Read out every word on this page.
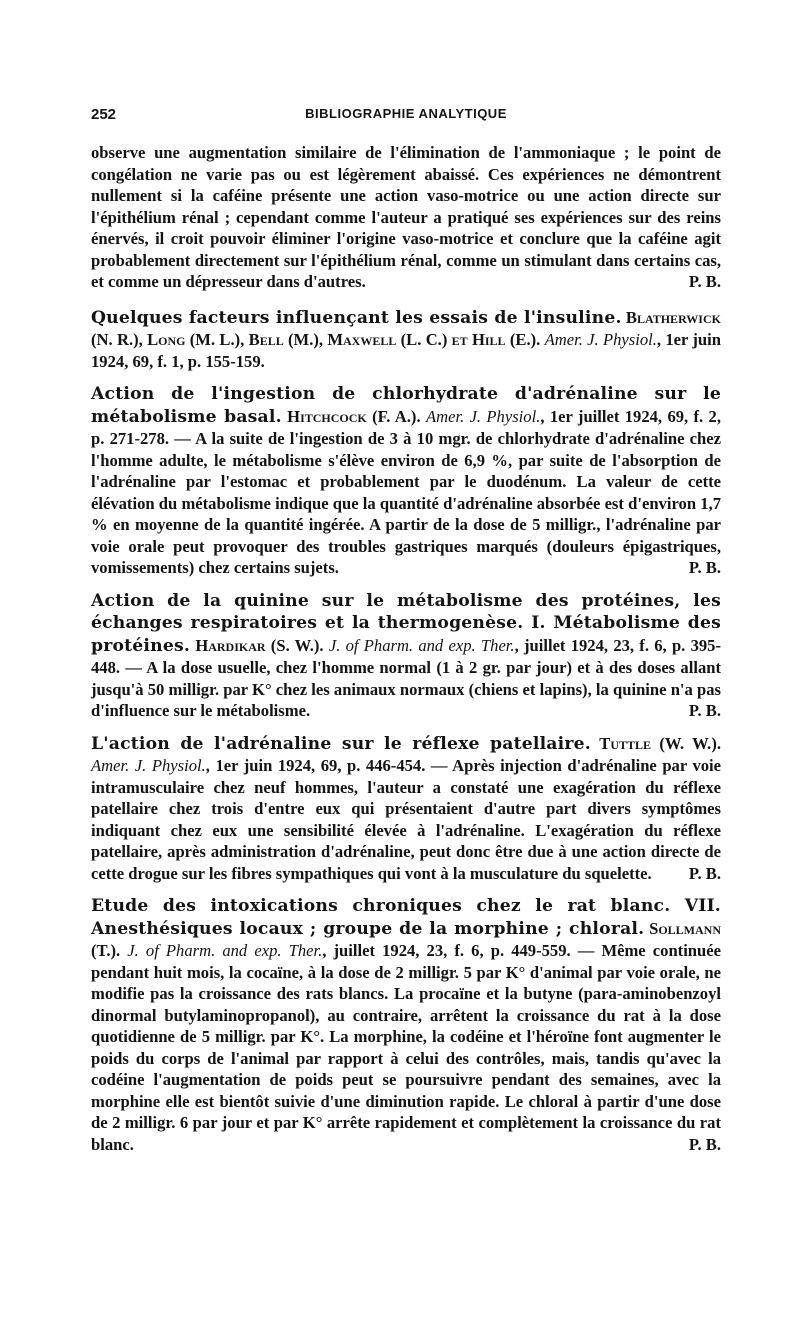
252	BIBLIOGRAPHIE ANALYTIQUE

observe une augmentation similaire de l'élimination de l'ammoniaque ; le point de congélation ne varie pas ou est légèrement abaissé. Ces expériences ne démontrent nullement si la caféine présente une action vaso-motrice ou une action directe sur l'épithélium rénal ; cependant comme l'auteur a pratiqué ses expériences sur des reins énervés, il croit pouvoir éliminer l'origine vaso-motrice et conclure que la caféine agit probablement directement sur l'épithélium rénal, comme un stimulant dans certains cas, et comme un dépresseur dans d'autres.	P. B.

Quelques facteurs influençant les essais de l'insuline. Blatherwick (N. R.), Long (M. L.), Bell (M.), Maxwell (L. C.) et Hill (E.). Amer. J. Physiol., 1er juin 1924, 69, f. 1, p. 155-159.

Action de l'ingestion de chlorhydrate d'adrénaline sur le métabolisme basal. Hitchcock (F. A.). Amer. J. Physiol., 1er juillet 1924, 69, f. 2, p. 271-278. — A la suite de l'ingestion de 3 à 10 mgr. de chlorhydrate d'adrénaline chez l'homme adulte, le métabolisme s'élève environ de 6,9 %, par suite de l'absorption de l'adrénaline par l'estomac et probablement par le duodénum. La valeur de cette élévation du métabolisme indique que la quantité d'adrénaline absorbée est d'environ 1,7 % en moyenne de la quantité ingérée. A partir de la dose de 5 milligr., l'adrénaline par voie orale peut provoquer des troubles gastriques marqués (douleurs épigastriques, vomissements) chez certains sujets.	P. B.

Action de la quinine sur le métabolisme des protéines, les échanges respiratoires et la thermogenèse. I. Métabolisme des protéines. Hardikar (S. W.). J. of Pharm. and exp. Ther., juillet 1924, 23, f. 6, p. 395-448. — A la dose usuelle, chez l'homme normal (1 à 2 gr. par jour) et à des doses allant jusqu'à 50 milligr. par K° chez les animaux normaux (chiens et lapins), la quinine n'a pas d'influence sur le métabolisme.	P. B.

L'action de l'adrénaline sur le réflexe patellaire. Tuttle (W. W.). Amer. J. Physiol., 1er juin 1924, 69, p. 446-454. — Après injection d'adrénaline par voie intramusculaire chez neuf hommes, l'auteur a constaté une exagération du réflexe patellaire chez trois d'entre eux qui présentaient d'autre part divers symptômes indiquant chez eux une sensibilité élevée à l'adrénaline. L'exagération du réflexe patellaire, après administration d'adrénaline, peut donc être due à une action directe de cette drogue sur les fibres sympathiques qui vont à la musculature du squelette.	P. B.

Etude des intoxications chroniques chez le rat blanc. VII. Anesthésiques locaux ; groupe de la morphine ; chloral. Sollmann (T.). J. of Pharm. and exp. Ther., juillet 1924, 23, f. 6, p. 449-559. — Même continuée pendant huit mois, la cocaïne, à la dose de 2 milligr. 5 par K° d'animal par voie orale, ne modifie pas la croissance des rats blancs. La procaïne et la butyne (para-aminobenzoyl dinormal butylaminopropanol), au contraire, arrêtent la croissance du rat à la dose quotidienne de 5 milligr. par K°. La morphine, la codéine et l'héroïne font augmenter le poids du corps de l'animal par rapport à celui des contrôles, mais, tandis qu'avec la codéine l'augmentation de poids peut se poursuivre pendant des semaines, avec la morphine elle est bientôt suivie d'une diminution rapide. Le chloral à partir d'une dose de 2 milligr. 6 par jour et par K° arrête rapidement et complètement la croissance du rat blanc.	P. B.
